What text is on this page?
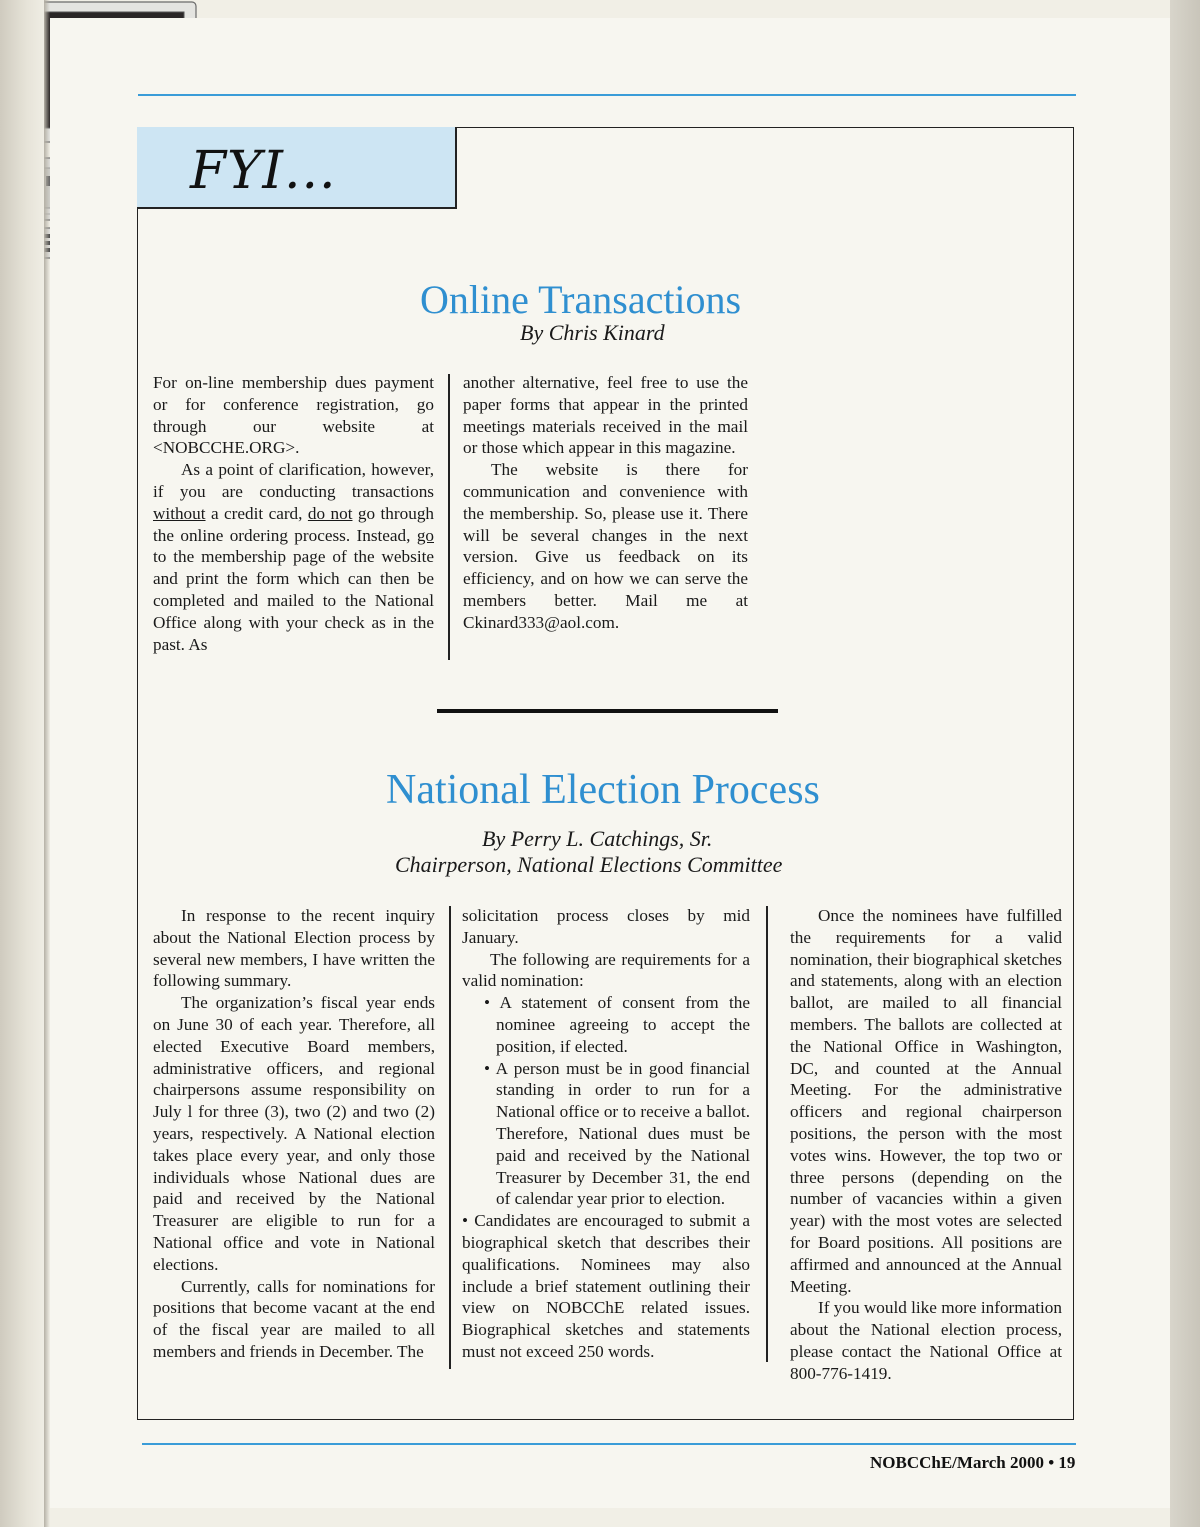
FYI...
Online Transactions
By Chris Kinard

For on-line membership dues payment or for conference registration, go through our website at <NOBCCHE.ORG>.

As a point of clarification, however, if you are conducting transactions without a credit card, do not go through the online ordering process. Instead, go to the membership page of the website and print the form which can then be completed and mailed to the National Office along with your check as in the past. As

another alternative, feel free to use the paper forms that appear in the printed meetings materials received in the mail or those which appear in this magazine.

The website is there for communication and convenience with the membership. So, please use it. There will be several changes in the next version. Give us feedback on its efficiency, and on how we can serve the members better. Mail me at Ckinard333@aol.com.

National Election Process
By Perry L. Catchings, Sr.
Chairperson, National Elections Committee

In response to the recent inquiry about the National Election process by several new members, I have written the following summary.

The organization’s fiscal year ends on June 30 of each year. Therefore, all elected Executive Board members, administrative officers, and regional chairpersons assume responsibility on July l for three (3), two (2) and two (2) years, respectively. A National election takes place every year, and only those individuals whose National dues are paid and received by the National Treasurer are eligible to run for a National office and vote in National elections.

Currently, calls for nominations for positions that become vacant at the end of the fiscal year are mailed to all members and friends in December. The

solicitation process closes by mid January.

The following are requirements for a valid nomination:

• A statement of consent from the nominee agreeing to accept the position, if elected.

• A person must be in good financial standing in order to run for a National office or to receive a ballot. Therefore, National dues must be paid and received by the National Treasurer by December 31, the end of calendar year prior to election.

• Candidates are encouraged to submit a biographical sketch that describes their qualifications. Nominees may also include a brief statement outlining their view on NOBCChE related issues. Biographical sketches and statements must not exceed 250 words.

Once the nominees have fulfilled the requirements for a valid nomination, their biographical sketches and statements, along with an election ballot, are mailed to all financial members. The ballots are collected at the National Office in Washington, DC, and counted at the Annual Meeting. For the administrative officers and regional chairperson positions, the person with the most votes wins. However, the top two or three persons (depending on the number of vacancies within a given year) with the most votes are selected for Board positions. All positions are affirmed and announced at the Annual Meeting.

If you would like more information about the National election process, please contact the National Office at 800-776-1419.

NOBCChE/March 2000 • 19
